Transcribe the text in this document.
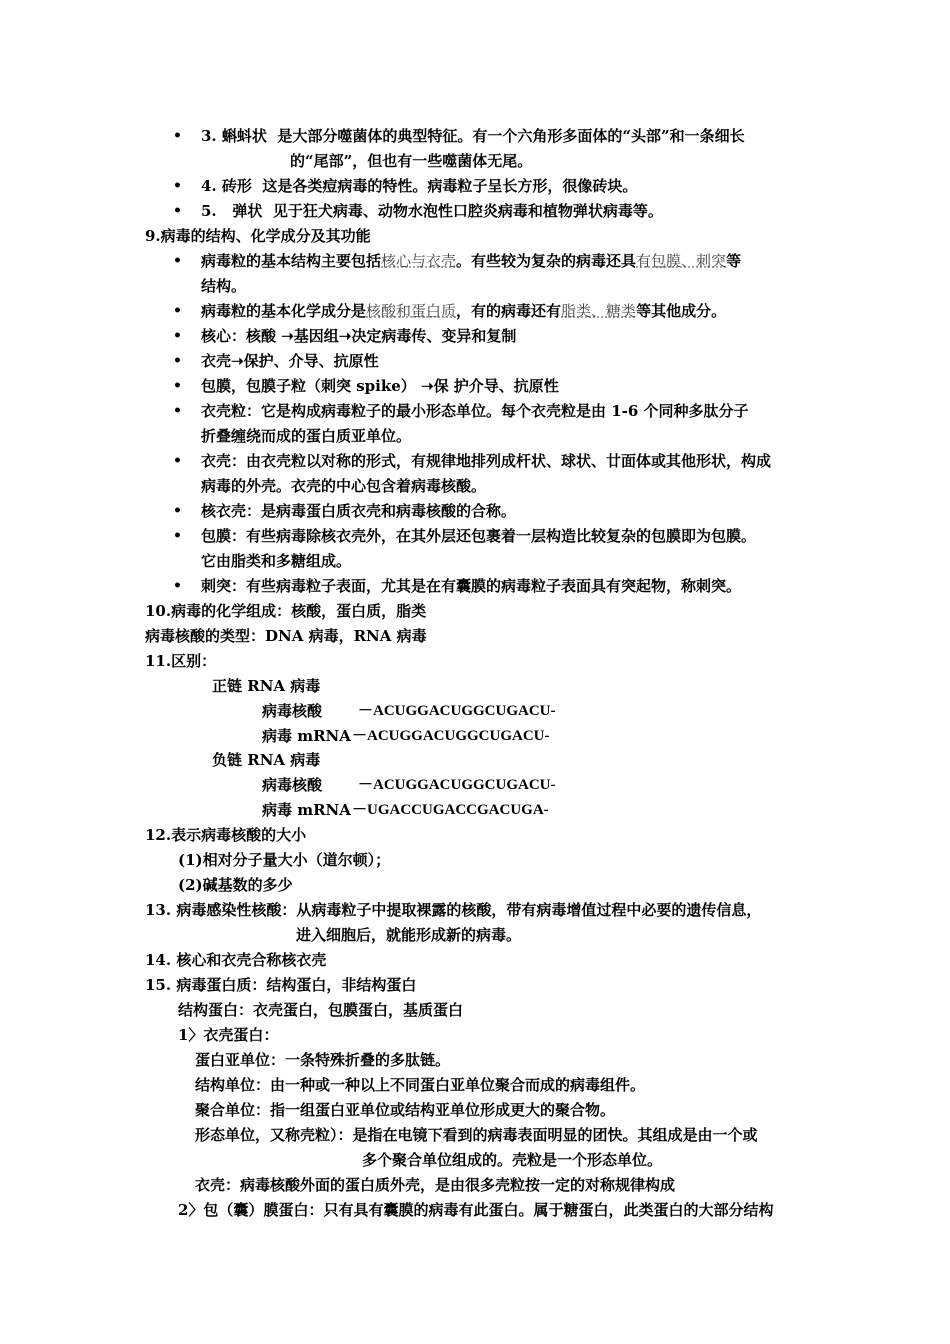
• 3. 蝌蚪状 是大部分噬菌体的典型特征。有一个六角形多面体的“头部”和一条细长
的“尾部”，但也有一些噬菌体无尾。
• 4. 砖形 这是各类痘病毒的特性。病毒粒子呈长方形，很像砖块。
• 5. 弹状 见于狂犬病毒、动物水泡性口腔炎病毒和植物弹状病毒等。
9.病毒的结构、化学成分及其功能
• 病毒粒的基本结构主要包括核心与衣壳。有些较为复杂的病毒还具有包膜、刺突等
结构。
• 病毒粒的基本化学成分是核酸和蛋白质，有的病毒还有脂类、糖类等其他成分。
• 核心：核酸 ➝基因组➝决定病毒传、变异和复制
• 衣壳➝保护、介导、抗原性
• 包膜，包膜子粒（刺突 spike） ➝保 护介导、抗原性
• 衣壳粒：它是构成病毒粒子的最小形态单位。每个衣壳粒是由 1-6 个同种多肽分子
折叠缠绕而成的蛋白质亚单位。
• 衣壳：由衣壳粒以对称的形式，有规律地排列成杆状、球状、廿面体或其他形状，构成
病毒的外壳。衣壳的中心包含着病毒核酸。
• 核衣壳：是病毒蛋白质衣壳和病毒核酸的合称。
• 包膜：有些病毒除核衣壳外，在其外层还包裹着一层构造比较复杂的包膜即为包膜。
它由脂类和多糖组成。
• 刺突：有些病毒粒子表面，尤其是在有囊膜的病毒粒子表面具有突起物，称刺突。
10.病毒的化学组成：核酸，蛋白质，脂类
病毒核酸的类型：DNA 病毒，RNA 病毒
11.区别：
正链 RNA 病毒
病毒核酸 －ACUGGACUGGCUGACU-
病毒 mRNA －ACUGGACUGGCUGACU-
负链 RNA 病毒
病毒核酸 －ACUGGACUGGCUGACU-
病毒 mRNA －UGACCUGACCGACUGA-
12.表示病毒核酸的大小
(1)相对分子量大小（道尔顿）；
(2)碱基数的多少
13. 病毒感染性核酸：从病毒粒子中提取裸露的核酸，带有病毒增值过程中必要的遗传信息，
进入细胞后，就能形成新的病毒。
14. 核心和衣壳合称核衣壳
15. 病毒蛋白质：结构蛋白，非结构蛋白
结构蛋白：衣壳蛋白，包膜蛋白，基质蛋白
1〉衣壳蛋白：
蛋白亚单位：一条特殊折叠的多肽链。
结构单位：由一种或一种以上不同蛋白亚单位聚合而成的病毒组件。
聚合单位：指一组蛋白亚单位或结构亚单位形成更大的聚合物。
形态单位，又称壳粒）：是指在电镜下看到的病毒表面明显的团快。其组成是由一个或
多个聚合单位组成的。壳粒是一个形态单位。
衣壳：病毒核酸外面的蛋白质外壳，是由很多壳粒按一定的对称规律构成
2〉包（囊）膜蛋白：只有具有囊膜的病毒有此蛋白。属于糖蛋白，此类蛋白的大部分结构
